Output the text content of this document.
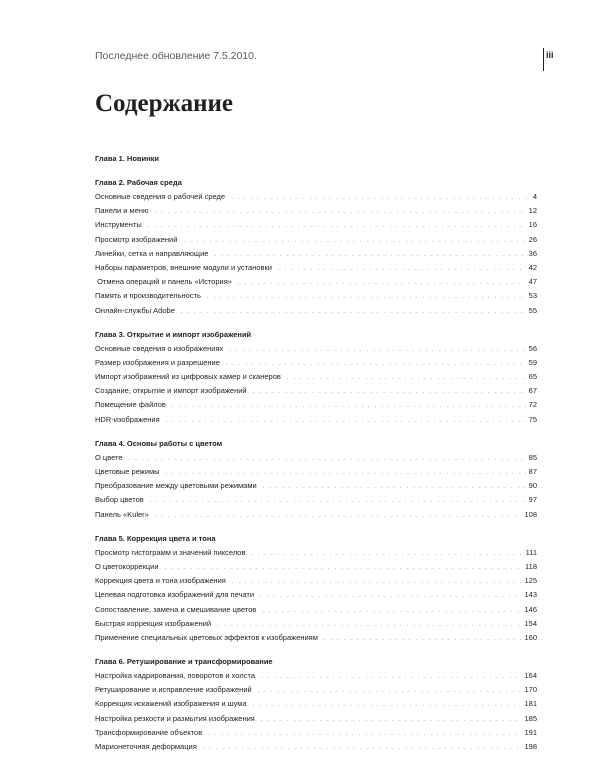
Последнее обновление 7.5.2010.	iii
Содержание
Глава 1. Новинки
Глава 2. Рабочая среда
Основные сведения о рабочей среде . . .	4
Панели и меню . . .	12
Инструменты . . .	16
Просмотр изображений . . .	26
Линейки, сетка и направляющие . . .	36
Наборы параметров, внешние модули и установки . . .	42
Отмена операций и панель «История» . . .	47
Память и производительность . . .	53
Онлайн-службы Adobe . . .	55
Глава 3. Открытие и импорт изображений
Основные сведения о изображениях . . .	56
Размер изображения и разрешение . . .	59
Импорт изображений из цифровых камер и сканеров . . .	65
Создание, открытие и импорт изображений . . .	67
Помещение файлов . . .	72
HDR-изображения . . .	75
Глава 4. Основы работы с цветом
О цвете . . .	85
Цветовые режимы . . .	87
Преобразование между цветовыми режимами . . .	90
Выбор цветов . . .	97
Панель «Kuler» . . .	108
Глава 5. Коррекция цвета и тона
Просмотр гистограмм и значений пикселов . . .	111
О цветокоррекции . . .	118
Коррекция цвета и тона изображения . . .	125
Целевая подготовка изображений для печати . . .	143
Сопоставление, замена и смешивание цветов . . .	146
Быстрая коррекция изображений . . .	154
Применение специальных цветовых эффектов к изображениям . . .	160
Глава 6. Ретуширование и трансформирование
Настройка кадрирования, поворотов и холста . . .	164
Ретуширование и исправление изображений . . .	170
Коррекция искажений изображения и шума . . .	181
Настройка резкости и размытия изображения . . .	185
Трансформирование объектов . . .	191
Марионеточная деформация . . .	198
